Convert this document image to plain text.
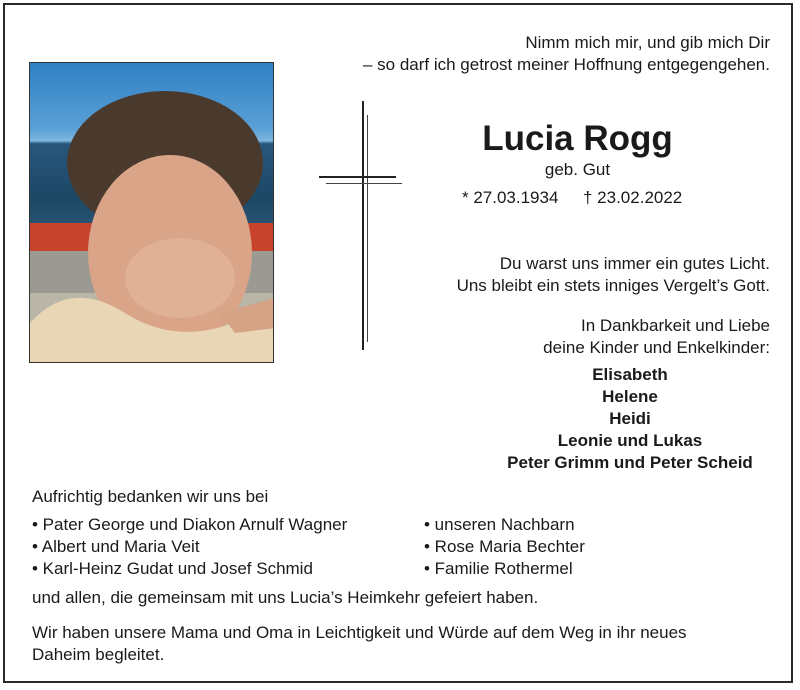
Nimm mich mir, und gib mich Dir
– so darf ich getrost meiner Hoffnung entgegengehen.
Lucia Rogg
geb. Gut
* 27.03.1934 † 23.02.2022
Du warst uns immer ein gutes Licht.
Uns bleibt ein stets inniges Vergelt’s Gott.
In Dankbarkeit und Liebe
deine Kinder und Enkelkinder:
Elisabeth
Helene
Heidi
Leonie und Lukas
Peter Grimm und Peter Scheid
Aufrichtig bedanken wir uns bei
• Pater George und Diakon Arnulf Wagner
• Albert und Maria Veit
• Karl-Heinz Gudat und Josef Schmid
• unseren Nachbarn
• Rose Maria Bechter
• Familie Rothermel
und allen, die gemeinsam mit uns Lucia’s Heimkehr gefeiert haben.
Wir haben unsere Mama und Oma in Leichtigkeit und Würde auf dem Weg in ihr neues
Daheim begleitet.
